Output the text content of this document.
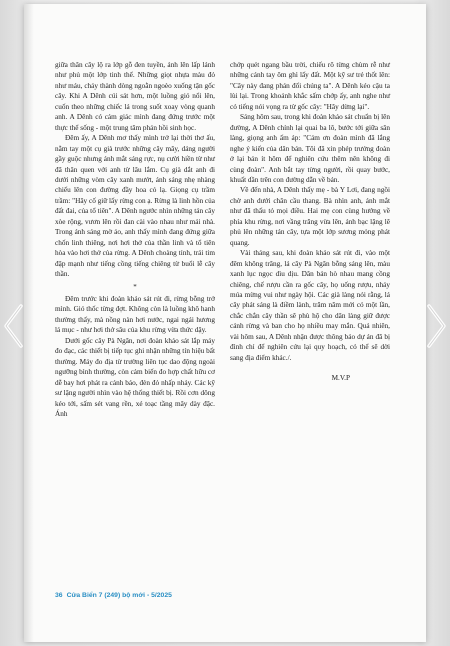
giữa thân cây lộ ra lớp gỗ đen tuyền, ánh lên lấp lánh như phủ một lớp tinh thể. Những giọt nhựa màu đỏ như máu, chảy thành dòng ngoằn ngoèo xuống tận gốc cây. Khi A Dênh cúi sát hơn, một luồng gió nổi lên, cuốn theo những chiếc lá trong suốt xoay vòng quanh anh. A Dênh có cảm giác mình đang đứng trước một thực thể sống - một trung tâm phản hồi sinh học.

Đêm ấy, A Dênh mơ thấy mình trở lại thời thơ ấu, nằm tay một cụ già trước những cây mây, dáng người gầy guộc nhưng ánh mắt sáng rực, nụ cười hiền từ như đã thân quen với anh từ lâu lắm. Cụ già dắt anh đi dưới những vòm cây xanh mướt, ánh sáng nhẹ nhàng chiếu lên con đường đầy hoa cỏ lạ. Giọng cụ trầm trầm: "Hãy cố giữ lấy rừng con ạ. Rừng là linh hồn của đất đai, của tổ tiên". A Dênh ngước nhìn những tán cây xòe rộng, vươn lên rồi đan cài vào nhau như mái nhà. Trong ánh sáng mờ ảo, anh thấy mình đang đứng giữa chốn linh thiêng, nơi hơi thở của thần linh và tổ tiên hòa vào hơi thở của rừng. A Dênh choàng tỉnh, trái tim đập mạnh như tiếng cồng tiếng chiêng từ buổi lễ cây thần.

*

Đêm trước khi đoàn khảo sát rút đi, rừng bỗng trở mình. Gió thốc từng đợt. Không còn là luồng khô hanh thường thấy, mà nồng nàn hơi nước, ngai ngái hương lá mục - như hơi thở sâu của khu rừng vừa thức dậy.

Dưới gốc cây Pà Ngăn, nơi đoàn khảo sát lắp máy đo đạc, các thiết bị tiếp tục ghi nhận những tín hiệu bất thường. Máy đo địa từ trường liên tục dao động ngoài ngưỡng bình thường, còn cảm biến đo hợp chất hữu cơ dễ bay hơi phát ra cảnh báo, đèn đỏ nhấp nháy. Các kỹ sư lặng người nhìn vào hệ thống thiết bị. Rồi cơn dông kéo tới, sấm sét vang rền, xé toạc tầng mây dày đặc. Ánh

chớp quét ngang bầu trời, chiếu rõ từng chùm rễ như những cánh tay ôm ghì lấy đất. Một kỹ sư trẻ thốt lên: "Cây này đang phản đối chúng ta". A Dênh kéo cậu ta lùi lại. Trong khoảnh khắc sấm chớp ấy, anh nghe như có tiếng nói vọng ra từ gốc cây: "Hãy dừng lại".

Sáng hôm sau, trong khi đoàn khảo sát chuẩn bị lên đường, A Dênh chính lại quai ba lô, bước tới giữa sân làng, giọng anh ấm áp: "Cảm ơn đoàn mình đã lắng nghe ý kiến của dân bản. Tôi đã xin phép trưởng đoàn ở lại bản ít hôm để nghiên cứu thêm nên không đi cùng đoàn". Anh bắt tay từng người, rồi quay bước, khuất dần trên con đường dẫn về bản.

Về đến nhà, A Dênh thấy mẹ - bà Y Lơi, đang ngồi chờ anh dưới chân cầu thang. Bà nhìn anh, ánh mắt như đã thấu tỏ mọi điều. Hai mẹ con cùng hướng về phía khu rừng, nơi vầng trăng vừa lên, ánh bạc lặng lẽ phủ lên những tán cây, tựa một lớp sương mỏng phát quang.

Vài tháng sau, khi đoàn khảo sát rút đi, vào một đêm không trăng, lá cây Pà Ngăn bỗng sáng lên, màu xanh lục ngọc dìu dịu. Dân bản hò nhau mang cồng chiêng, chế rượu cần ra gốc cây, họ uống rượu, nhảy múa mừng vui như ngày hội. Các già làng nói rằng, lá cây phát sáng là điềm lành, trăm năm mới có một lần, chắc chắn cây thần sẽ phù hộ cho dân làng giữ được cánh rừng và ban cho họ nhiều may mắn. Quả nhiên, vài hôm sau, A Dênh nhận được thông báo dự án đã bị đình chỉ để nghiên cứu lại quy hoạch, có thể sẽ dời sang địa điểm khác./.

M.V.P
36 Cửa Biển 7 (249) bộ mới - 5/2025
